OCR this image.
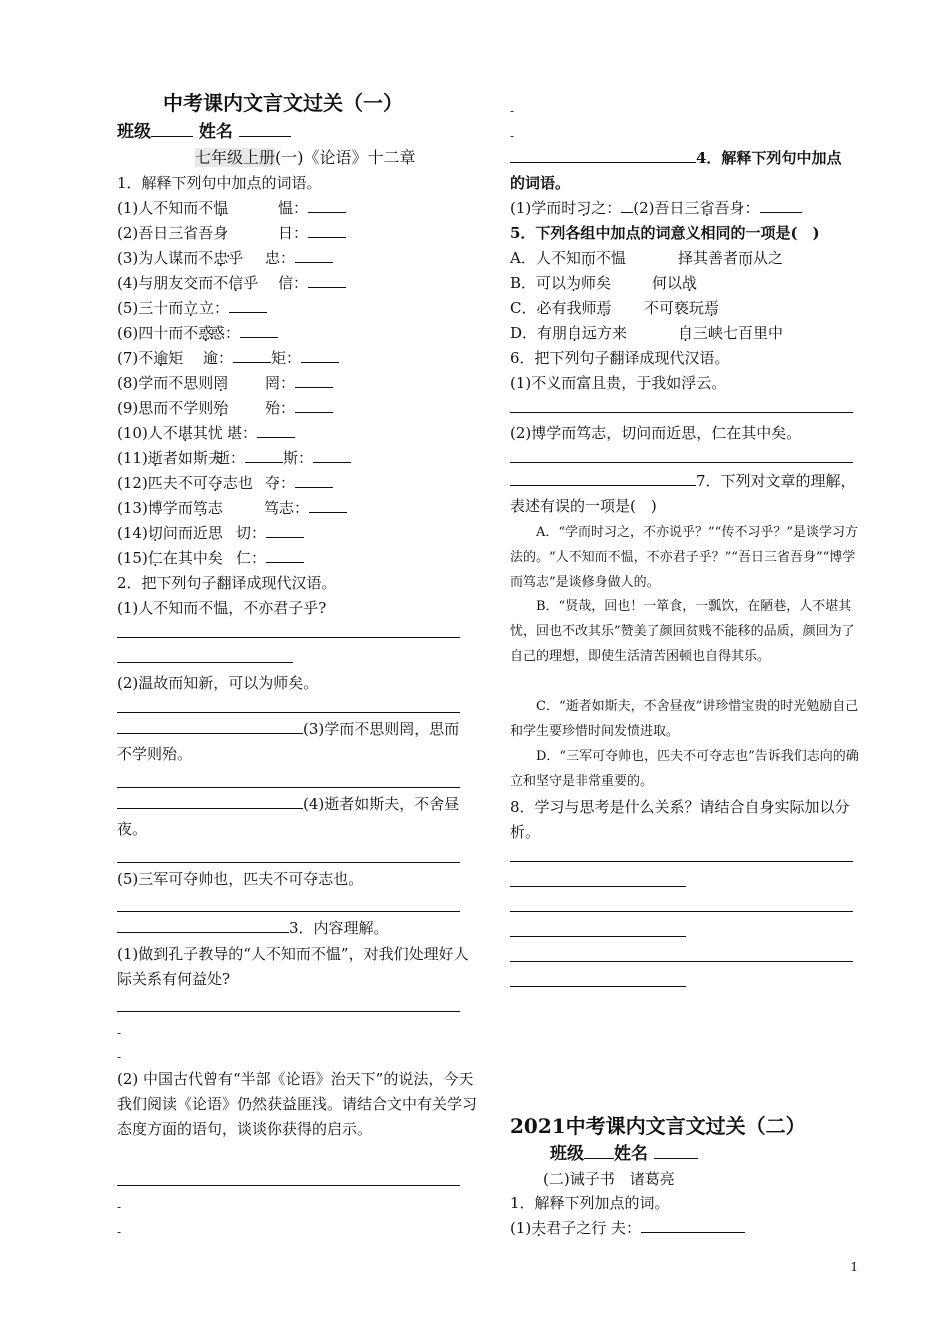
中考课内文言文过关（一）
班级	姓名
七年级上册(一)《论语》十二章
1．解释下列句中加点的词语。
(1)人不知而不愠	愠：
(2)吾日三省吾身	日：
(3)为人谋而不忠乎 忠：
(4)与朋友交而不信乎 信：
(5)三十而立 立：
(6)四十而不惑
惑：
(7)不逾矩 逾：	矩：
(8)学而不思则罔 罔：
(9)思而不学则殆 殆：
(10)人不堪其忧 堪：
(11)逝者如斯夫
逝：	斯：
(12)匹夫不可夺志也 夺：
(13)博学而笃志	笃志：
(14)切问而近思 切：
(15)仁在其中矣 仁：
2．把下列句子翻译成现代汉语。
(1)人不知而不愠，不亦君子乎?
(2)温故而知新，可以为师矣。
(3)学而不思则罔，思而
不学则殆。
(4)逝者如斯夫，不舍昼
夜。
(5)三军可夺帅也，匹夫不可夺志也。
3．内容理解。
(1)做到孔子教导的“人不知而不愠”，对我们处理好人际关系有何益处?
-
-
(2) 中国古代曾有“半部《论语》治天下”的说法，今天我们阅读《论语》仍然获益匪浅。请结合文中有关学习态度方面的语句，谈谈你获得的启示。
-
-
-
-
4．解释下列句中加点
的词语。
(1)学而时习之： (2)吾日三省吾身：
5．下列各组中加点的词意义相同的一项是(　)
A．人不知而不愠	择其善者而从之
B．可以为师矣	何以战
C．必有我师焉 不可亵玩焉
D．有朋自远方来	自三峡七百里中
6．把下列句子翻译成现代汉语。
(1)不义而富且贵，于我如浮云。
(2)博学而笃志，切问而近思，仁在其中矣。
7．下列对文章的理解，
表述有误的一项是(　)
A．“学而时习之，不亦说乎？”“传不习乎？”是谈学习方法的。“人不知而不愠，不亦君子乎？”“吾日三省吾身”“博学而笃志”是谈修身做人的。
B．“贤哉，回也！一箪食，一瓢饮，在陋巷，人不堪其忧，回也不改其乐”赞美了颜回贫贱不能移的品质，颜回为了自己的理想，即使生活清苦困顿也自得其乐。
C．“逝者如斯夫，不舍昼夜”讲珍惜宝贵的时光勉励自己和学生要珍惜时间发愤进取。
D．“三军可夺帅也，匹夫不可夺志也”告诉我们志向的确立和坚守是非常重要的。
8．学习与思考是什么关系？请结合自身实际加以分析。
2021中考课内文言文过关（二）
班级 姓名
(二)诫子书　诸葛亮
1．解释下列加点的词。
(1)夫君子之行 夫：
1
